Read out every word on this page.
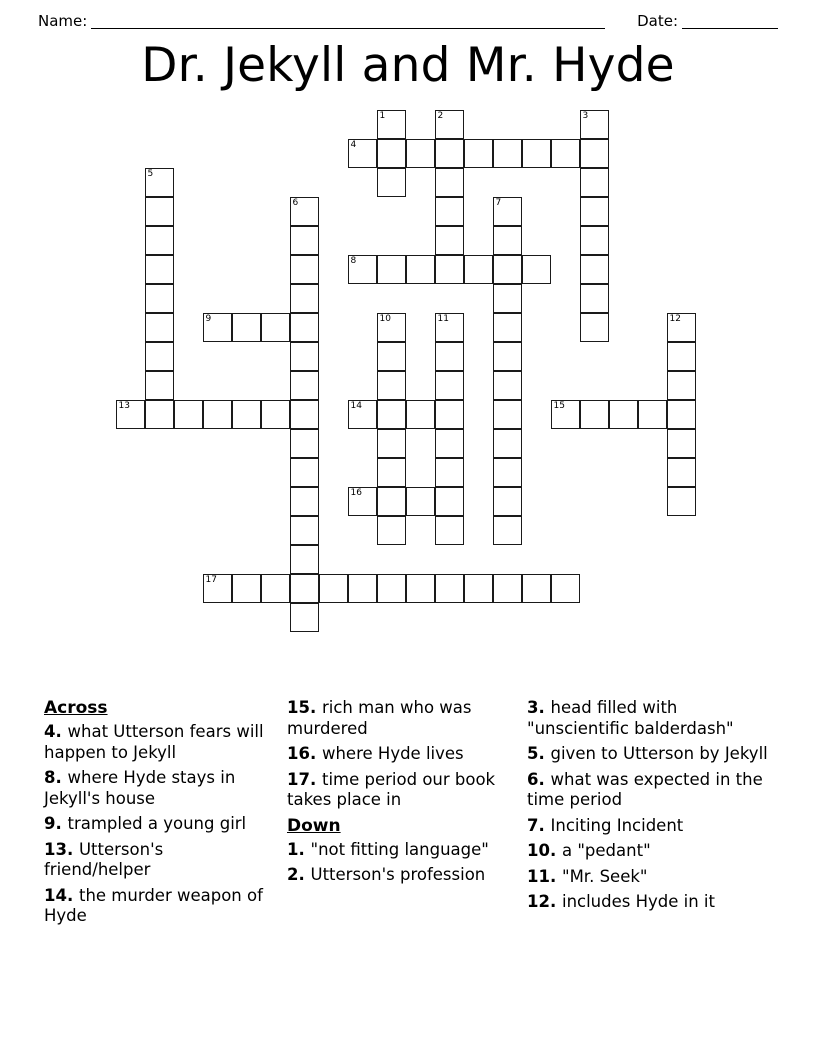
Name:	Date:
Dr. Jekyll and Mr. Hyde
1	2	3
4
5
6	7
8
9	10	11	12
13	14	15
16
17
Across
4. what Utterson fears will happen to Jekyll
8. where Hyde stays in Jekyll's house
9. trampled a young girl
13. Utterson's friend/helper
14. the murder weapon of Hyde
15. rich man who was murdered
16. where Hyde lives
17. time period our book takes place in
Down
1. "not fitting language"
2. Utterson's profession
3. head filled with "unscientific balderdash"
5. given to Utterson by Jekyll
6. what was expected in the time period
7. Inciting Incident
10. a "pedant"
11. "Mr. Seek"
12. includes Hyde in it
